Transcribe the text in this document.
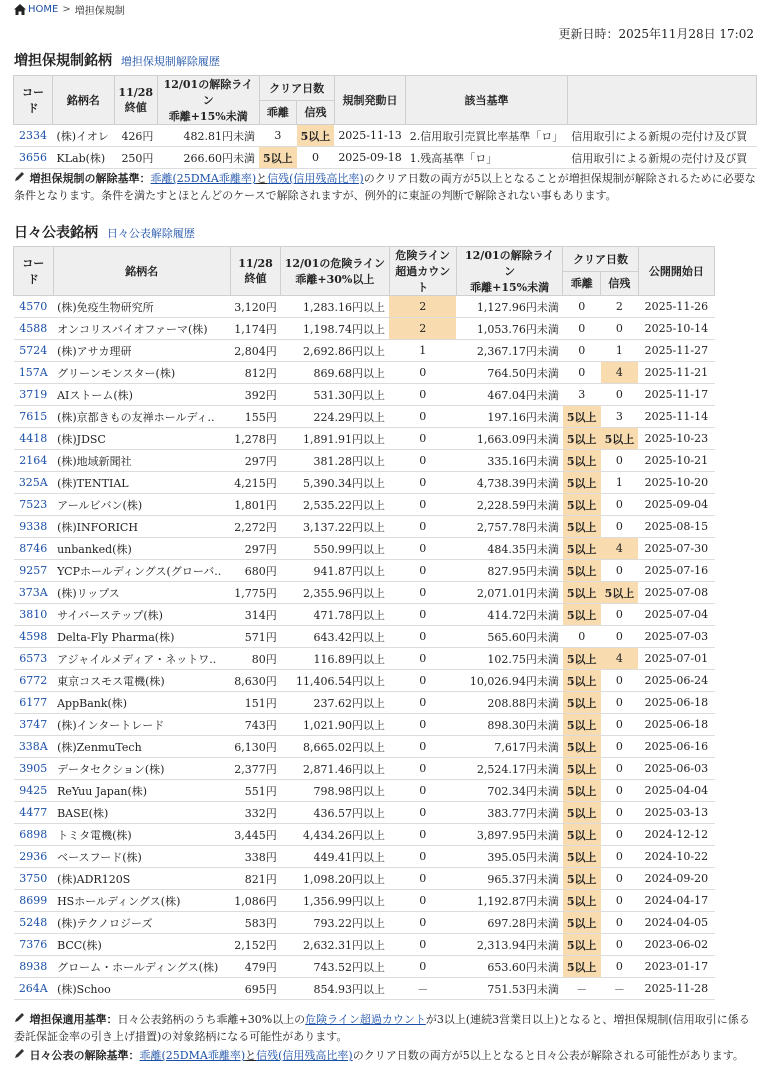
HOME > 増担保規制
更新日時：2025年11月28日 17:02
増担保規制銘柄 増担保規制解除履歴
コード	銘柄名	11/28
終値	12/01の解除ライン
乖離+15%未満	クリア日数		規制発動日	該当基準	
				乖離	信残			
2334	(株)イオレ	426円	482.81円未満	3	5以上	2025-11-13	2.信用取引売買比率基準「ロ」	信用取引による新規の売付け及び買
3656	KLab(株)	250円	266.60円未満	5以上	0	2025-09-18	1.残高基準「ロ」	信用取引による新規の売付け及び買
増担保規制の解除基準：乖離(25DMA乖離率)と信残(信用残高比率)のクリア日数の両方が5以上となることが増担保規制が解除されるために必要な条件となります。条件を満たすとほとんどのケースで解除されますが、例外的に東証の判断で解除されない事もあります。
日々公表銘柄 日々公表解除履歴
コード	銘柄名	11/28
終値	12/01の危険ライン
乖離+30%以上	危険ライン
超過カウント	12/01の解除ライン
乖離+15%未満	クリア日数		公開開始日
						乖離	信残	
4570	(株)免疫生物研究所	3,120円	1,283.16円以上	2	1,127.96円未満	0	2	2025-11-26
4588	オンコリスバイオファーマ(株)	1,174円	1,198.74円以上	2	1,053.76円未満	0	0	2025-10-14
5724	(株)アサカ理研	2,804円	2,692.86円以上	1	2,367.17円未満	0	1	2025-11-27
157A	グリーンモンスター(株)	812円	869.68円以上	0	764.50円未満	0	4	2025-11-21
3719	AIストーム(株)	392円	531.30円以上	0	467.04円未満	3	0	2025-11-17
7615	(株)京都きもの友禅ホールディ..	155円	224.29円以上	0	197.16円未満	5以上	3	2025-11-14
4418	(株)JDSC	1,278円	1,891.91円以上	0	1,663.09円未満	5以上	5以上	2025-10-23
2164	(株)地域新聞社	297円	381.28円以上	0	335.16円未満	5以上	0	2025-10-21
325A	(株)TENTIAL	4,215円	5,390.34円以上	0	4,738.39円未満	5以上	1	2025-10-20
7523	アールビバン(株)	1,801円	2,535.22円以上	0	2,228.59円未満	5以上	0	2025-09-04
9338	(株)INFORICH	2,272円	3,137.22円以上	0	2,757.78円未満	5以上	0	2025-08-15
8746	unbanked(株)	297円	550.99円以上	0	484.35円未満	5以上	4	2025-07-30
9257	YCPホールディングス(グローバ..	680円	941.87円以上	0	827.95円未満	5以上	0	2025-07-16
373A	(株)リップス	1,775円	2,355.96円以上	0	2,071.01円未満	5以上	5以上	2025-07-08
3810	サイバーステップ(株)	314円	471.78円以上	0	414.72円未満	5以上	0	2025-07-04
4598	Delta-Fly Pharma(株)	571円	643.42円以上	0	565.60円未満	0	0	2025-07-03
6573	アジャイルメディア・ネットワ..	80円	116.89円以上	0	102.75円未満	5以上	4	2025-07-01
6772	東京コスモス電機(株)	8,630円	11,406.54円以上	0	10,026.94円未満	5以上	0	2025-06-24
6177	AppBank(株)	151円	237.62円以上	0	208.88円未満	5以上	0	2025-06-18
3747	(株)インタートレード	743円	1,021.90円以上	0	898.30円未満	5以上	0	2025-06-18
338A	(株)ZenmuTech	6,130円	8,665.02円以上	0	7,617円未満	5以上	0	2025-06-16
3905	データセクション(株)	2,377円	2,871.46円以上	0	2,524.17円未満	5以上	0	2025-06-03
9425	ReYuu Japan(株)	551円	798.98円以上	0	702.34円未満	5以上	0	2025-04-04
4477	BASE(株)	332円	436.57円以上	0	383.77円未満	5以上	0	2025-03-13
6898	トミタ電機(株)	3,445円	4,434.26円以上	0	3,897.95円未満	5以上	0	2024-12-12
2936	ベースフード(株)	338円	449.41円以上	0	395.05円未満	5以上	0	2024-10-22
3750	(株)ADR120S	821円	1,098.20円以上	0	965.37円未満	5以上	0	2024-09-20
8699	HSホールディングス(株)	1,086円	1,356.99円以上	0	1,192.87円未満	5以上	0	2024-04-17
5248	(株)テクノロジーズ	583円	793.22円以上	0	697.28円未満	5以上	0	2024-04-05
7376	BCC(株)	2,152円	2,632.31円以上	0	2,313.94円未満	5以上	0	2023-06-02
8938	グローム・ホールディングス(株)	479円	743.52円以上	0	653.60円未満	5以上	0	2023-01-17
264A	(株)Schoo	695円	854.93円以上	－	751.53円未満	－	－	2025-11-28
増担保適用基準：日々公表銘柄のうち乖離+30%以上の危険ライン超過カウントが3以上(連続3営業日以上)となると、増担保規制(信用取引に係る委託保証金率の引き上げ措置)の対象銘柄になる可能性があります。
日々公表の解除基準：乖離(25DMA乖離率)と信残(信用残高比率)のクリア日数の両方が5以上となると日々公表が解除される可能性があります。
